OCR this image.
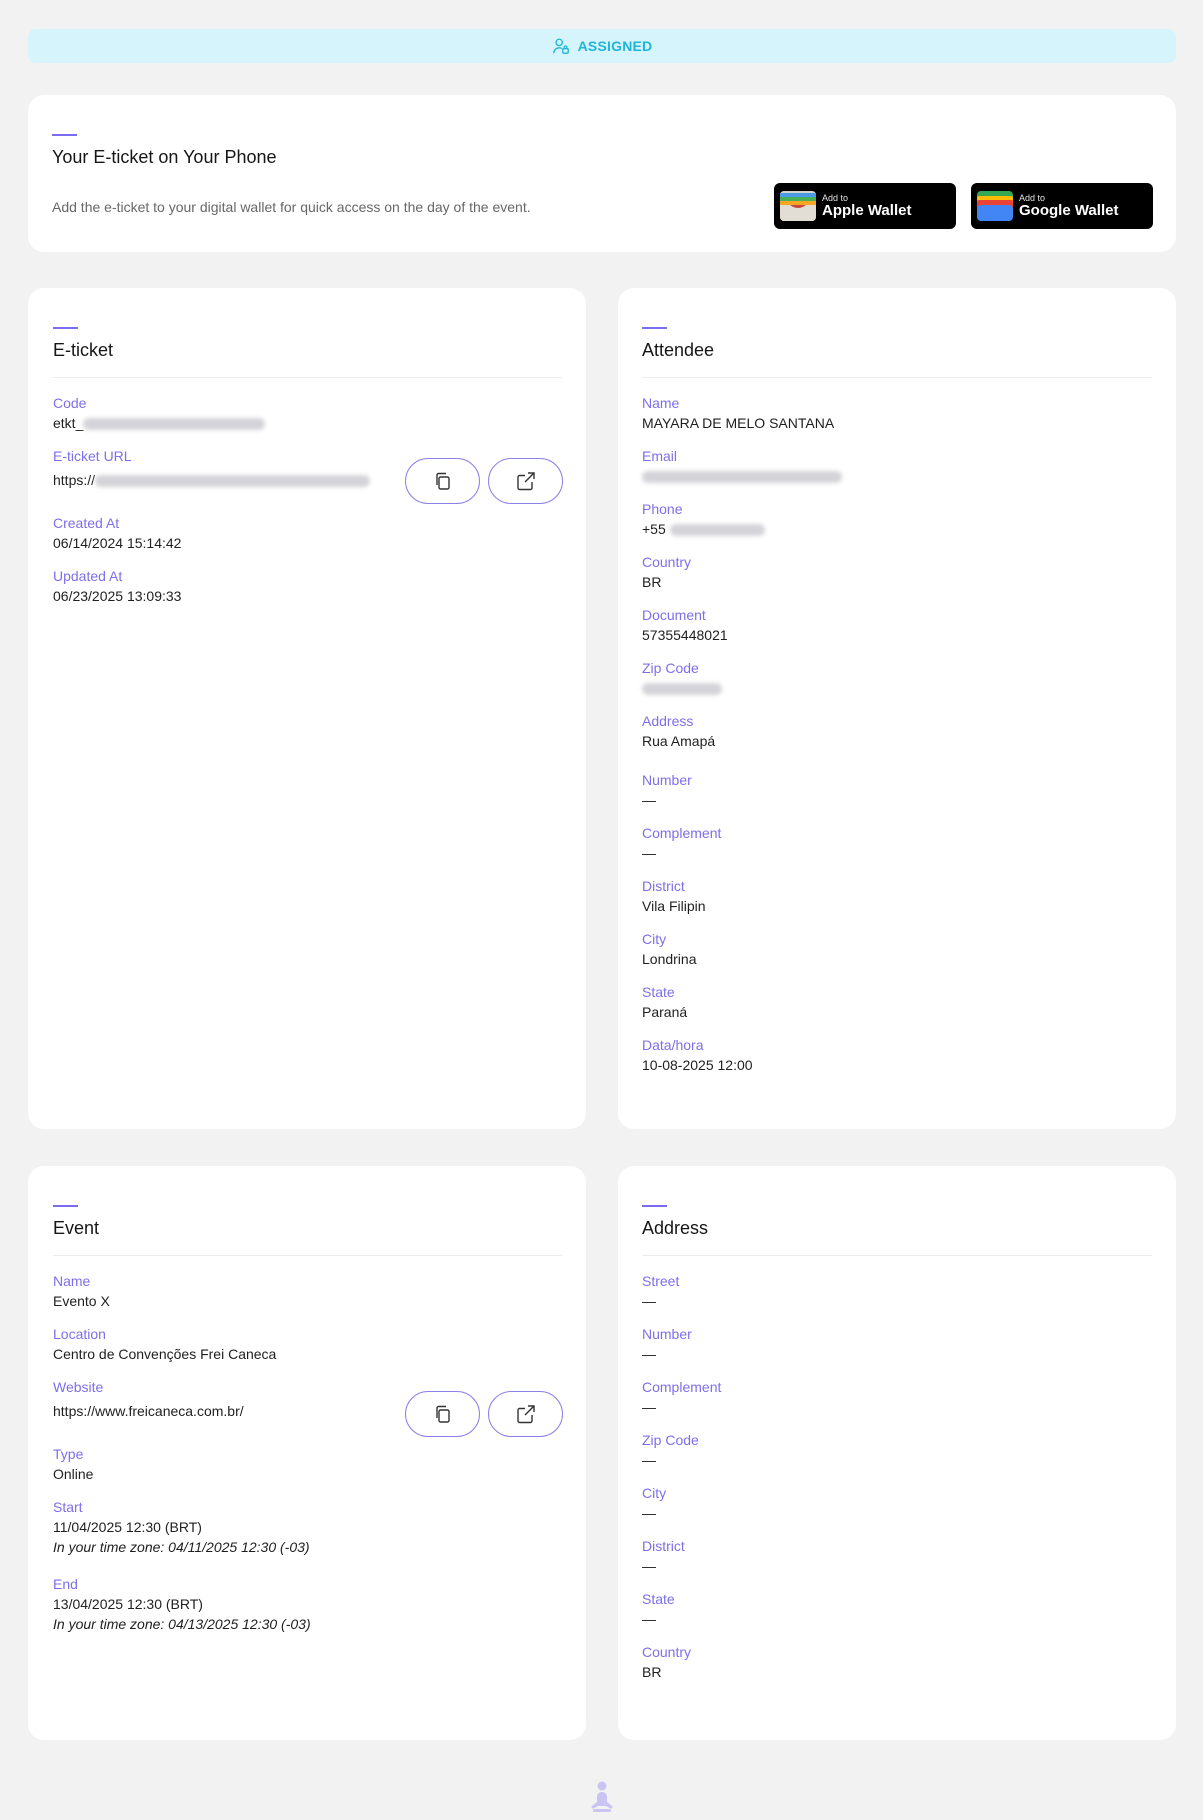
ASSIGNED
Your E-ticket on Your Phone
Add the e-ticket to your digital wallet for quick access on the day of the event.
Add to
Apple Wallet
Add to
Google Wallet
E-ticket
Code
etkt_
E-ticket URL
https://
Created At
06/14/2024 15:14:42
Updated At
06/23/2025 13:09:33
Attendee
Name
MAYARA DE MELO SANTANA
Email
Phone
+55
Country
BR
Document
57355448021
Zip Code
Address
Rua Amapá
Number
—
Complement
—
District
Vila Filipin
City
Londrina
State
Paraná
Data/hora
10-08-2025 12:00
Event
Name
Evento X
Location
Centro de Convenções Frei Caneca
Website
https://www.freicaneca.com.br/
Type
Online
Start
11/04/2025 12:30 (BRT)
In your time zone: 04/11/2025 12:30 (-03)
End
13/04/2025 12:30 (BRT)
In your time zone: 04/13/2025 12:30 (-03)
Address
Street
—
Number
—
Complement
—
Zip Code
—
City
—
District
—
State
—
Country
BR
